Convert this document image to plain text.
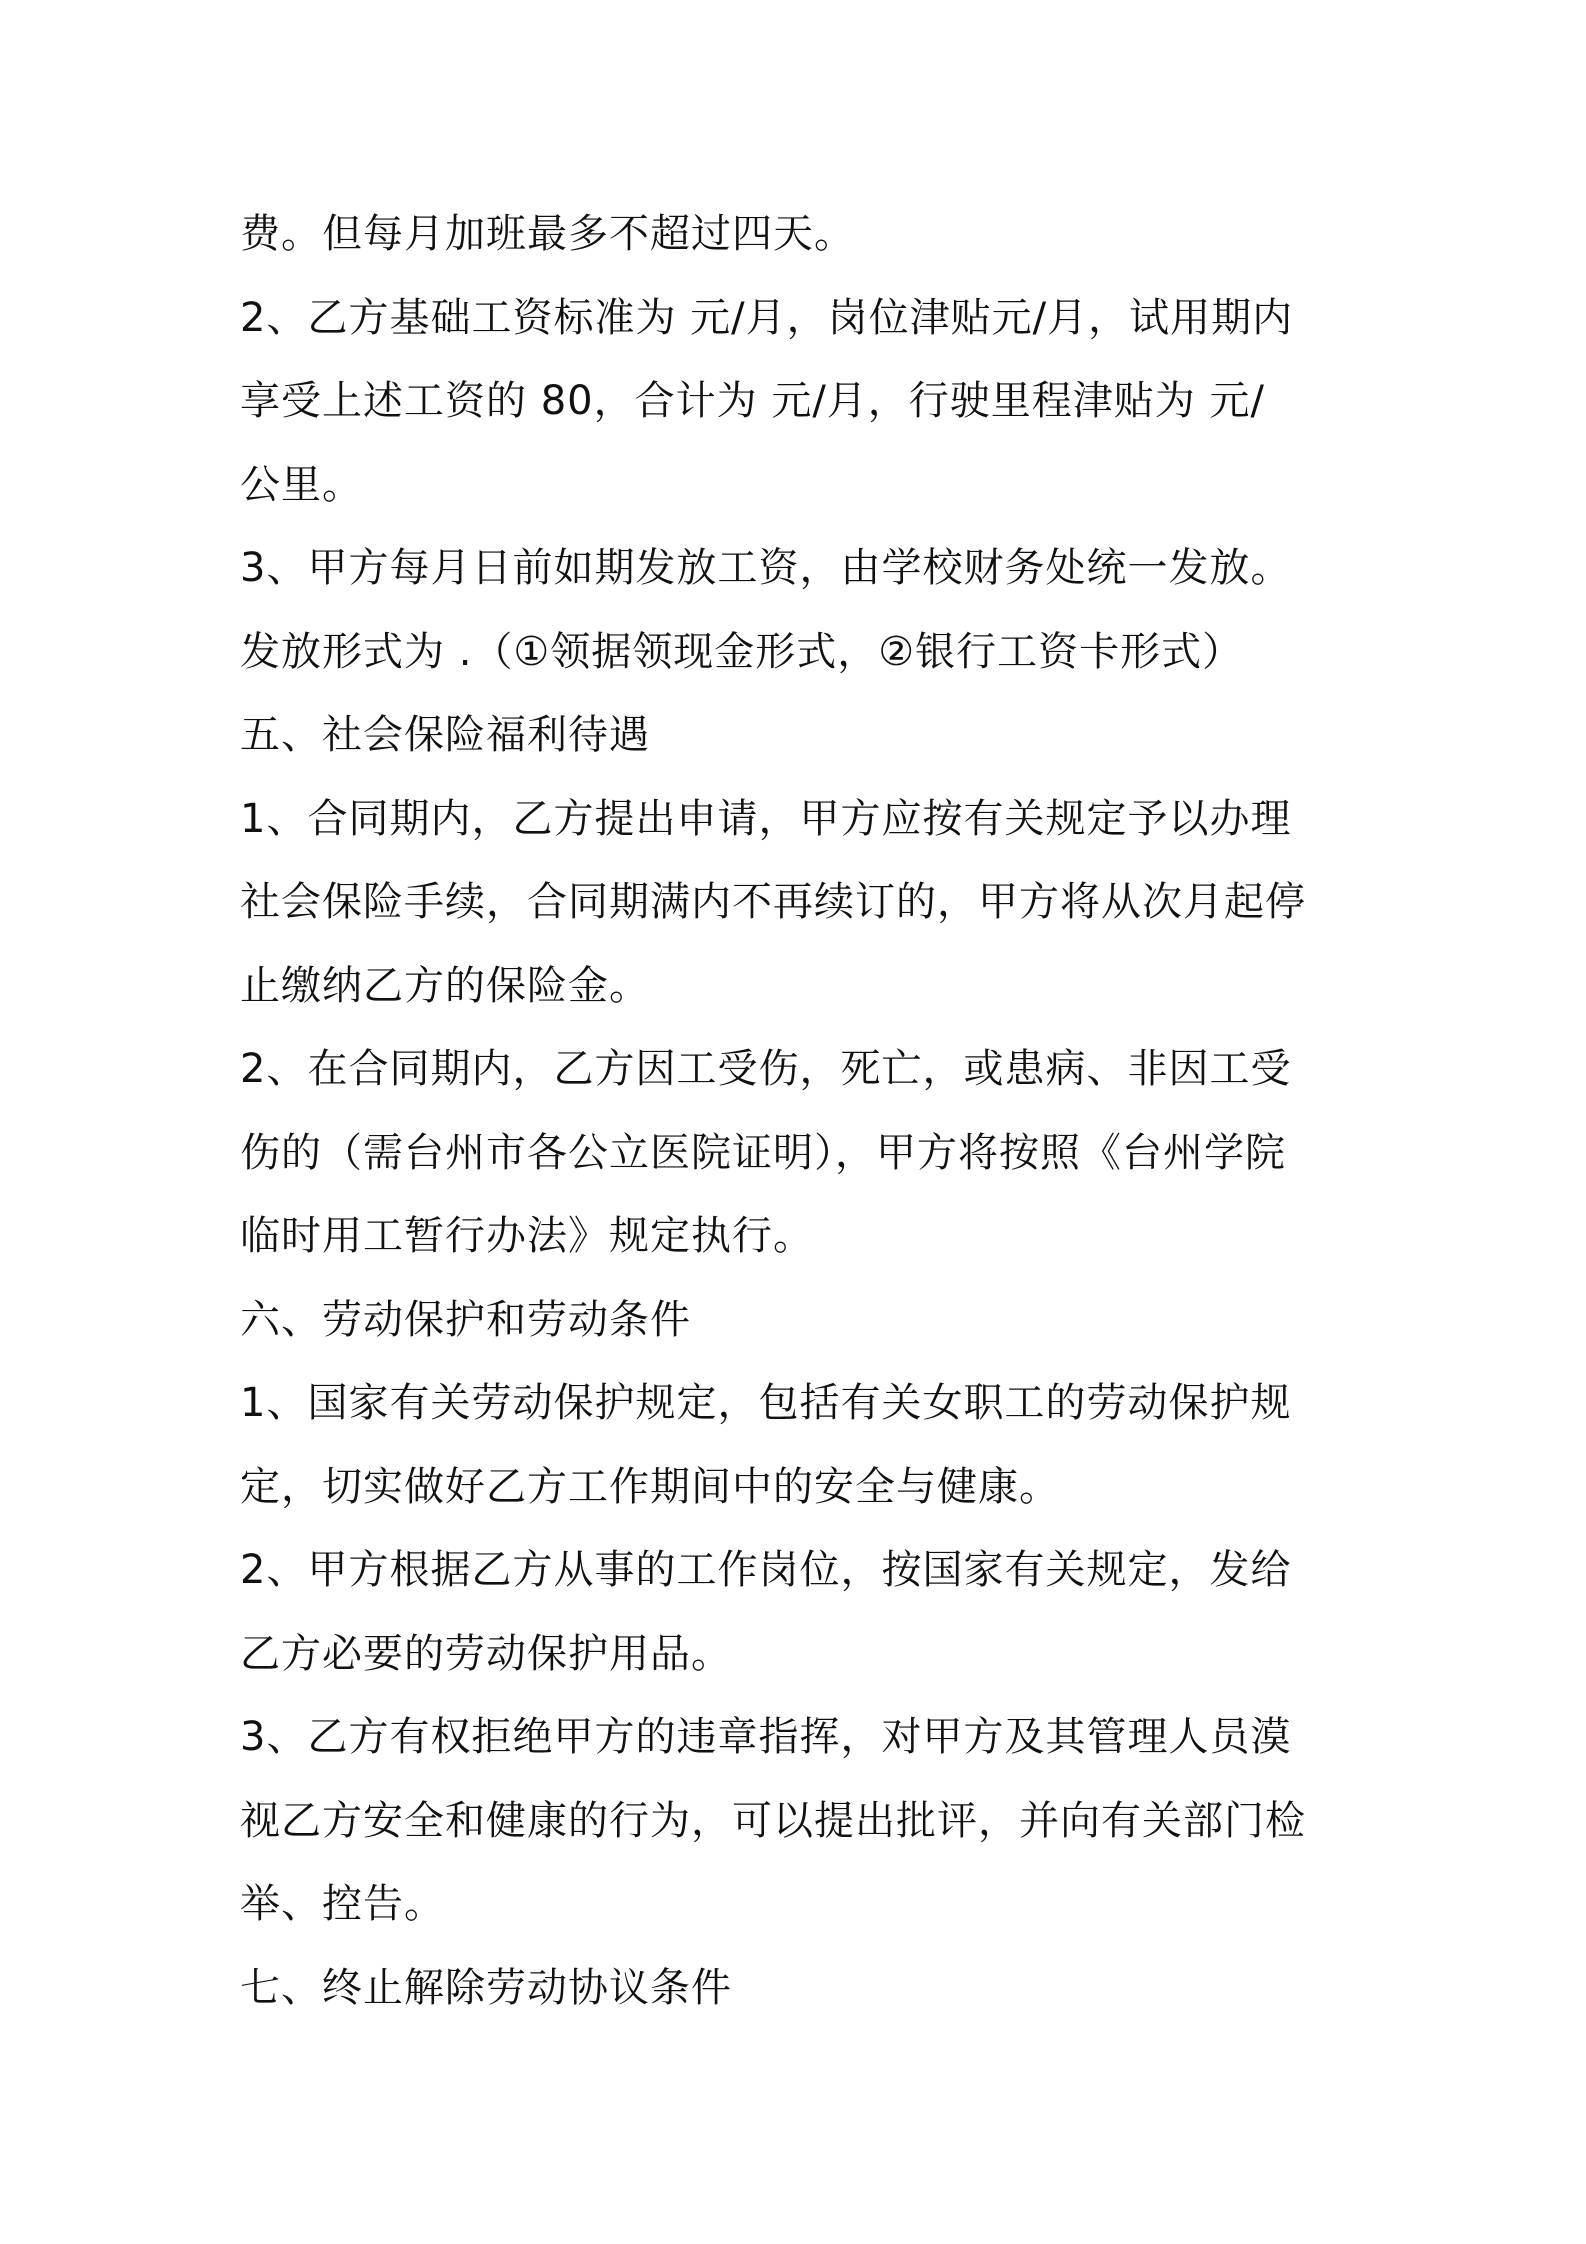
费。但每月加班最多不超过四天。
2、乙方基础工资标准为 元/月，岗位津贴元/月，试用期内
享受上述工资的 80，合计为 元/月，行驶里程津贴为 元/
公里。
3、甲方每月日前如期发放工资，由学校财务处统一发放。
发放形式为 .（①领据领现金形式，②银行工资卡形式）
五、社会保险福利待遇
1、合同期内，乙方提出申请，甲方应按有关规定予以办理
社会保险手续，合同期满内不再续订的，甲方将从次月起停
止缴纳乙方的保险金。
2、在合同期内，乙方因工受伤，死亡，或患病、非因工受
伤的（需台州市各公立医院证明），甲方将按照《台州学院
临时用工暂行办法》规定执行。
六、劳动保护和劳动条件
1、国家有关劳动保护规定，包括有关女职工的劳动保护规
定，切实做好乙方工作期间中的安全与健康。
2、甲方根据乙方从事的工作岗位，按国家有关规定，发给
乙方必要的劳动保护用品。
3、乙方有权拒绝甲方的违章指挥，对甲方及其管理人员漠
视乙方安全和健康的行为，可以提出批评，并向有关部门检
举、控告。
七、终止解除劳动协议条件
